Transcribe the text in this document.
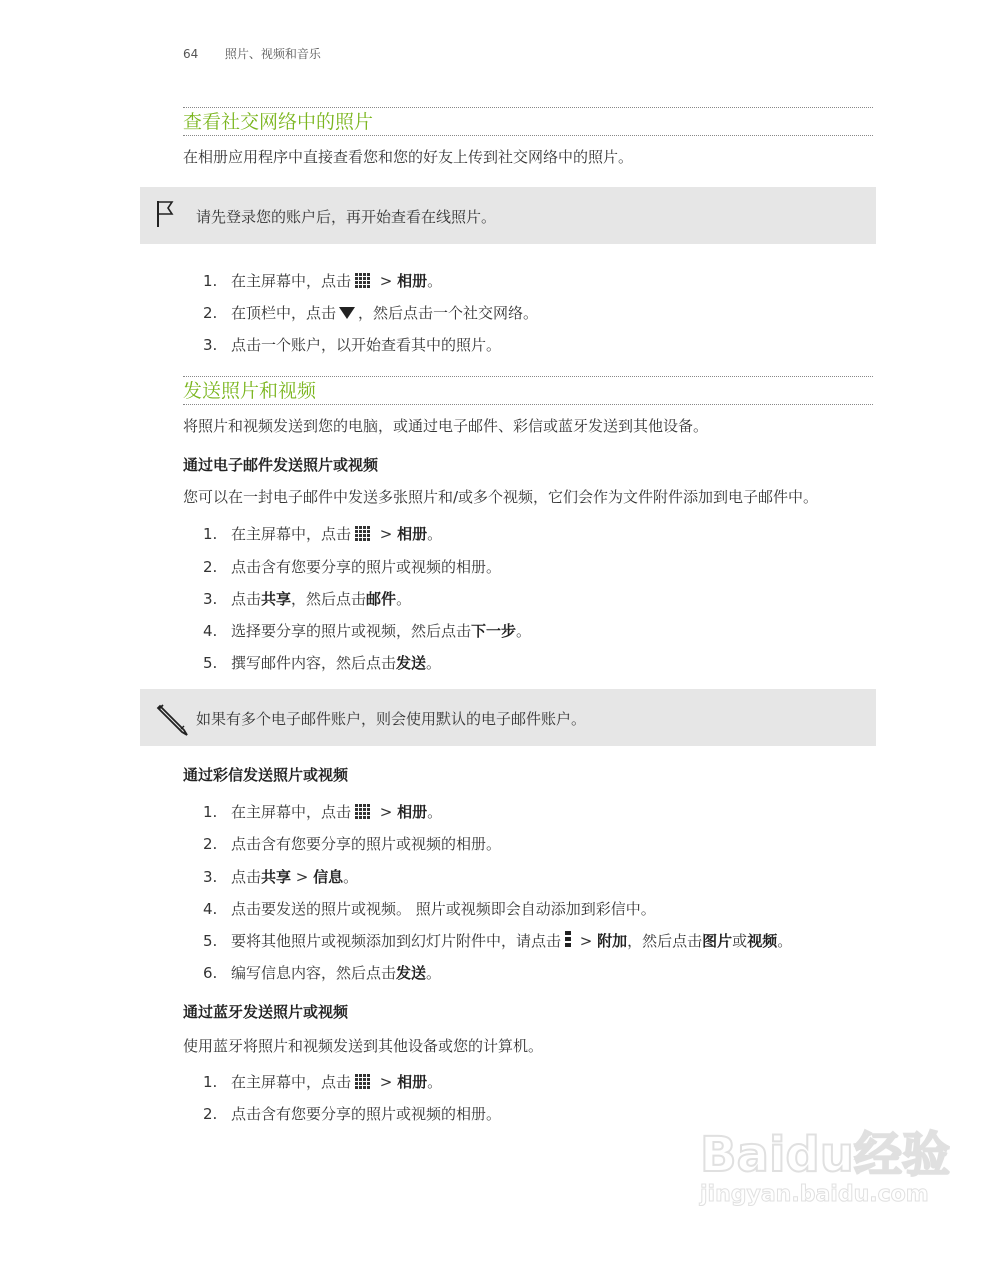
64 照片、视频和音乐
查看社交网络中的照片
在相册应用程序中直接查看您和您的好友上传到社交网络中的照片。
请先登录您的账户后，再开始查看在线照片。
1. 在主屏幕中，点击 > 相册。
2. 在顶栏中，点击 ，然后点击一个社交网络。
3. 点击一个账户，以开始查看其中的照片。
发送照片和视频
将照片和视频发送到您的电脑，或通过电子邮件、彩信或蓝牙发送到其他设备。
通过电子邮件发送照片或视频
您可以在一封电子邮件中发送多张照片和/或多个视频，它们会作为文件附件添加到电子邮件中。
1. 在主屏幕中，点击 > 相册。
2. 点击含有您要分享的照片或视频的相册。
3. 点击共享，然后点击邮件。
4. 选择要分享的照片或视频，然后点击下一步。
5. 撰写邮件内容，然后点击发送。
如果有多个电子邮件账户，则会使用默认的电子邮件账户。
通过彩信发送照片或视频
1. 在主屏幕中，点击 > 相册。
2. 点击含有您要分享的照片或视频的相册。
3. 点击共享 > 信息。
4. 点击要发送的照片或视频。 照片或视频即会自动添加到彩信中。
5. 要将其他照片或视频添加到幻灯片附件中，请点击 > 附加，然后点击图片或视频。
6. 编写信息内容，然后点击发送。
通过蓝牙发送照片或视频
使用蓝牙将照片和视频发送到其他设备或您的计算机。
1. 在主屏幕中，点击 > 相册。
2. 点击含有您要分享的照片或视频的相册。
Baidu经验
jingyan.baidu.com
